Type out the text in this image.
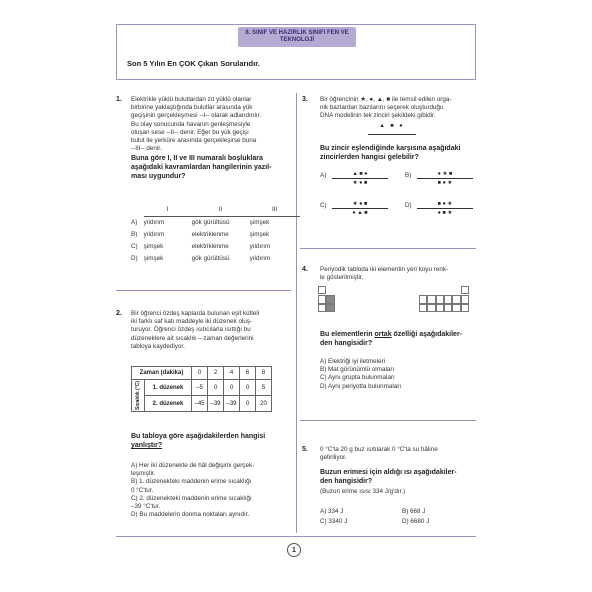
8. SINIF VE HAZIRLIK SINIFI FEN VE TEKNOLOJİ
Son 5 Yılın En ÇOK Çıkan Sorularıdır.
1. Elektrikle yüklü bulutlardan zıt yüklü olanlar
birbirine yaklaştığında bulutlar arasında yük
geçişinin gerçekleşmesi --I-- olarak adlandırılır.
Bu olay sonucunda havanın genleşmesiyle
oluşan sese --II-- denir. Eğer bu yük geçişi
bulut ile yerküre arasında gerçekleşirse buna
--III-- denir.
Buna göre I, II ve III numaralı boşluklara
aşağıdaki kavramlardan hangilerinin yazıl-
ması uygundur?
	I	II	III
A)	yıldırım	gök gürültüsü	şimşek
B)	yıldırım	elektriklenme	şimşek
C)	şimşek	elektriklenme	yıldırım
D)	şimşek	gök gürültüsü	yıldırım
2. Bir öğrenci özdeş kaplarda bulunan eşit kütleli
iki farklı saf katı maddeyle iki düzenek oluş-
turuyor. Öğrenci özdeş ısıtıcılarla ısıttığı bu
düzeneklere ait sıcaklık – zaman değerlerini
tabloya kaydediyor.
Zaman (dakika)		0	2	4	6	8

Sıcaklık (°C)	1. düzenek	–5	0	0	0	5
	2. düzenek	–45	–39	–39	0	20
Bu tabloya göre aşağıdakilerden hangisi
yanlıştır?
A) Her iki düzenekte de hâl değişimi gerçek-
leşmiştir.
B) 1. düzenekteki maddenin erime sıcaklığı
0 °C'tur.
C) 2. düzenekteki maddenin erime sıcaklığı
–39 °C'tur.
D) Bu maddelerin donma noktaları aynıdır.
3. Bir öğrencinin ★, ●, ▲, ■ ile temsil edilen orga-
nik bazlardan bazılarını seçerek oluşturduğu
DNA modelinin tek zinciri şekildeki gibidir.
▲ ■ ●
Bu zincir eşlendiğinde karşısına aşağıdaki
zincirlerden hangisi gelebilir?
A)	▲ ■ ●
★ ● ■
B)	● ★ ■
■ ● ★
C)	★ ● ■
● ▲ ■
D)	■ ● ★
● ■ ★
4. Periyodik tabloda iki elementin yeri koyu renk-
le gösterilmiştir.
Bu elementlerin ortak özelliği aşağıdakiler-
den hangisidir?
A) Elektriği iyi iletmeleri
B) Mat görünümlü olmaları
C) Aynı grupta bulunmaları
D) Aynı periyotta bulunmaları
5. 0 °C'ta 20 g buz ısıtılarak 0 °C'ta su hâline
getiriliyor.
Buzun erimesi için aldığı ısı aşağıdakiler-
den hangisidir?
(Buzun erime ısısı 334 J/g'dır.)
A) 334 J	B) 668 J
C) 3340 J	D) 6680 J
1
